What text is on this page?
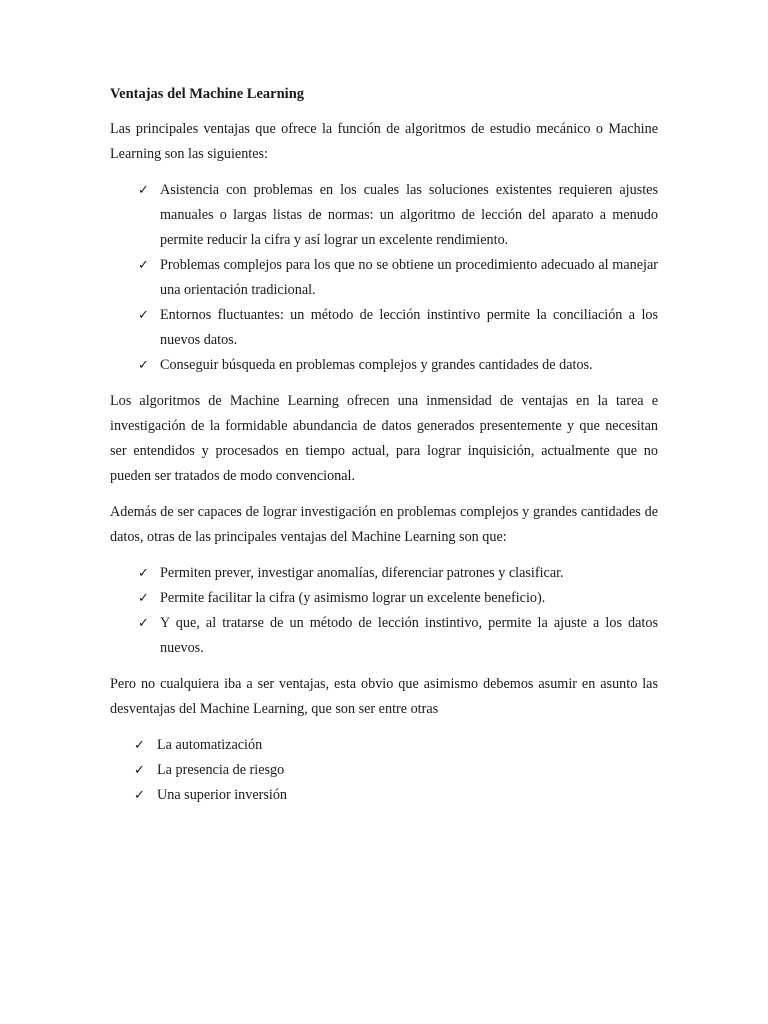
Ventajas del Machine Learning

Las principales ventajas que ofrece la función de algoritmos de estudio mecánico o Machine Learning son las siguientes:

✓ Asistencia con problemas en los cuales las soluciones existentes requieren ajustes manuales o largas listas de normas: un algoritmo de lección del aparato a menudo permite reducir la cifra y así lograr un excelente rendimiento.
✓ Problemas complejos para los que no se obtiene un procedimiento adecuado al manejar una orientación tradicional.
✓ Entornos fluctuantes: un método de lección instintivo permite la conciliación a los nuevos datos.
✓ Conseguir búsqueda en problemas complejos y grandes cantidades de datos.

Los algoritmos de Machine Learning ofrecen una inmensidad de ventajas en la tarea e investigación de la formidable abundancia de datos generados presentemente y que necesitan ser entendidos y procesados en tiempo actual, para lograr inquisición, actualmente que no pueden ser tratados de modo convencional.

Además de ser capaces de lograr investigación en problemas complejos y grandes cantidades de datos, otras de las principales ventajas del Machine Learning son que:

✓ Permiten prever, investigar anomalías, diferenciar patrones y clasificar.
✓ Permite facilitar la cifra (y asimismo lograr un excelente beneficio).
✓ Y que, al tratarse de un método de lección instintivo, permite la ajuste a los datos nuevos.

Pero no cualquiera iba a ser ventajas, esta obvio que asimismo debemos asumir en asunto las desventajas del Machine Learning, que son ser entre otras

✓ La automatización
✓ La presencia de riesgo
✓ Una superior inversión
